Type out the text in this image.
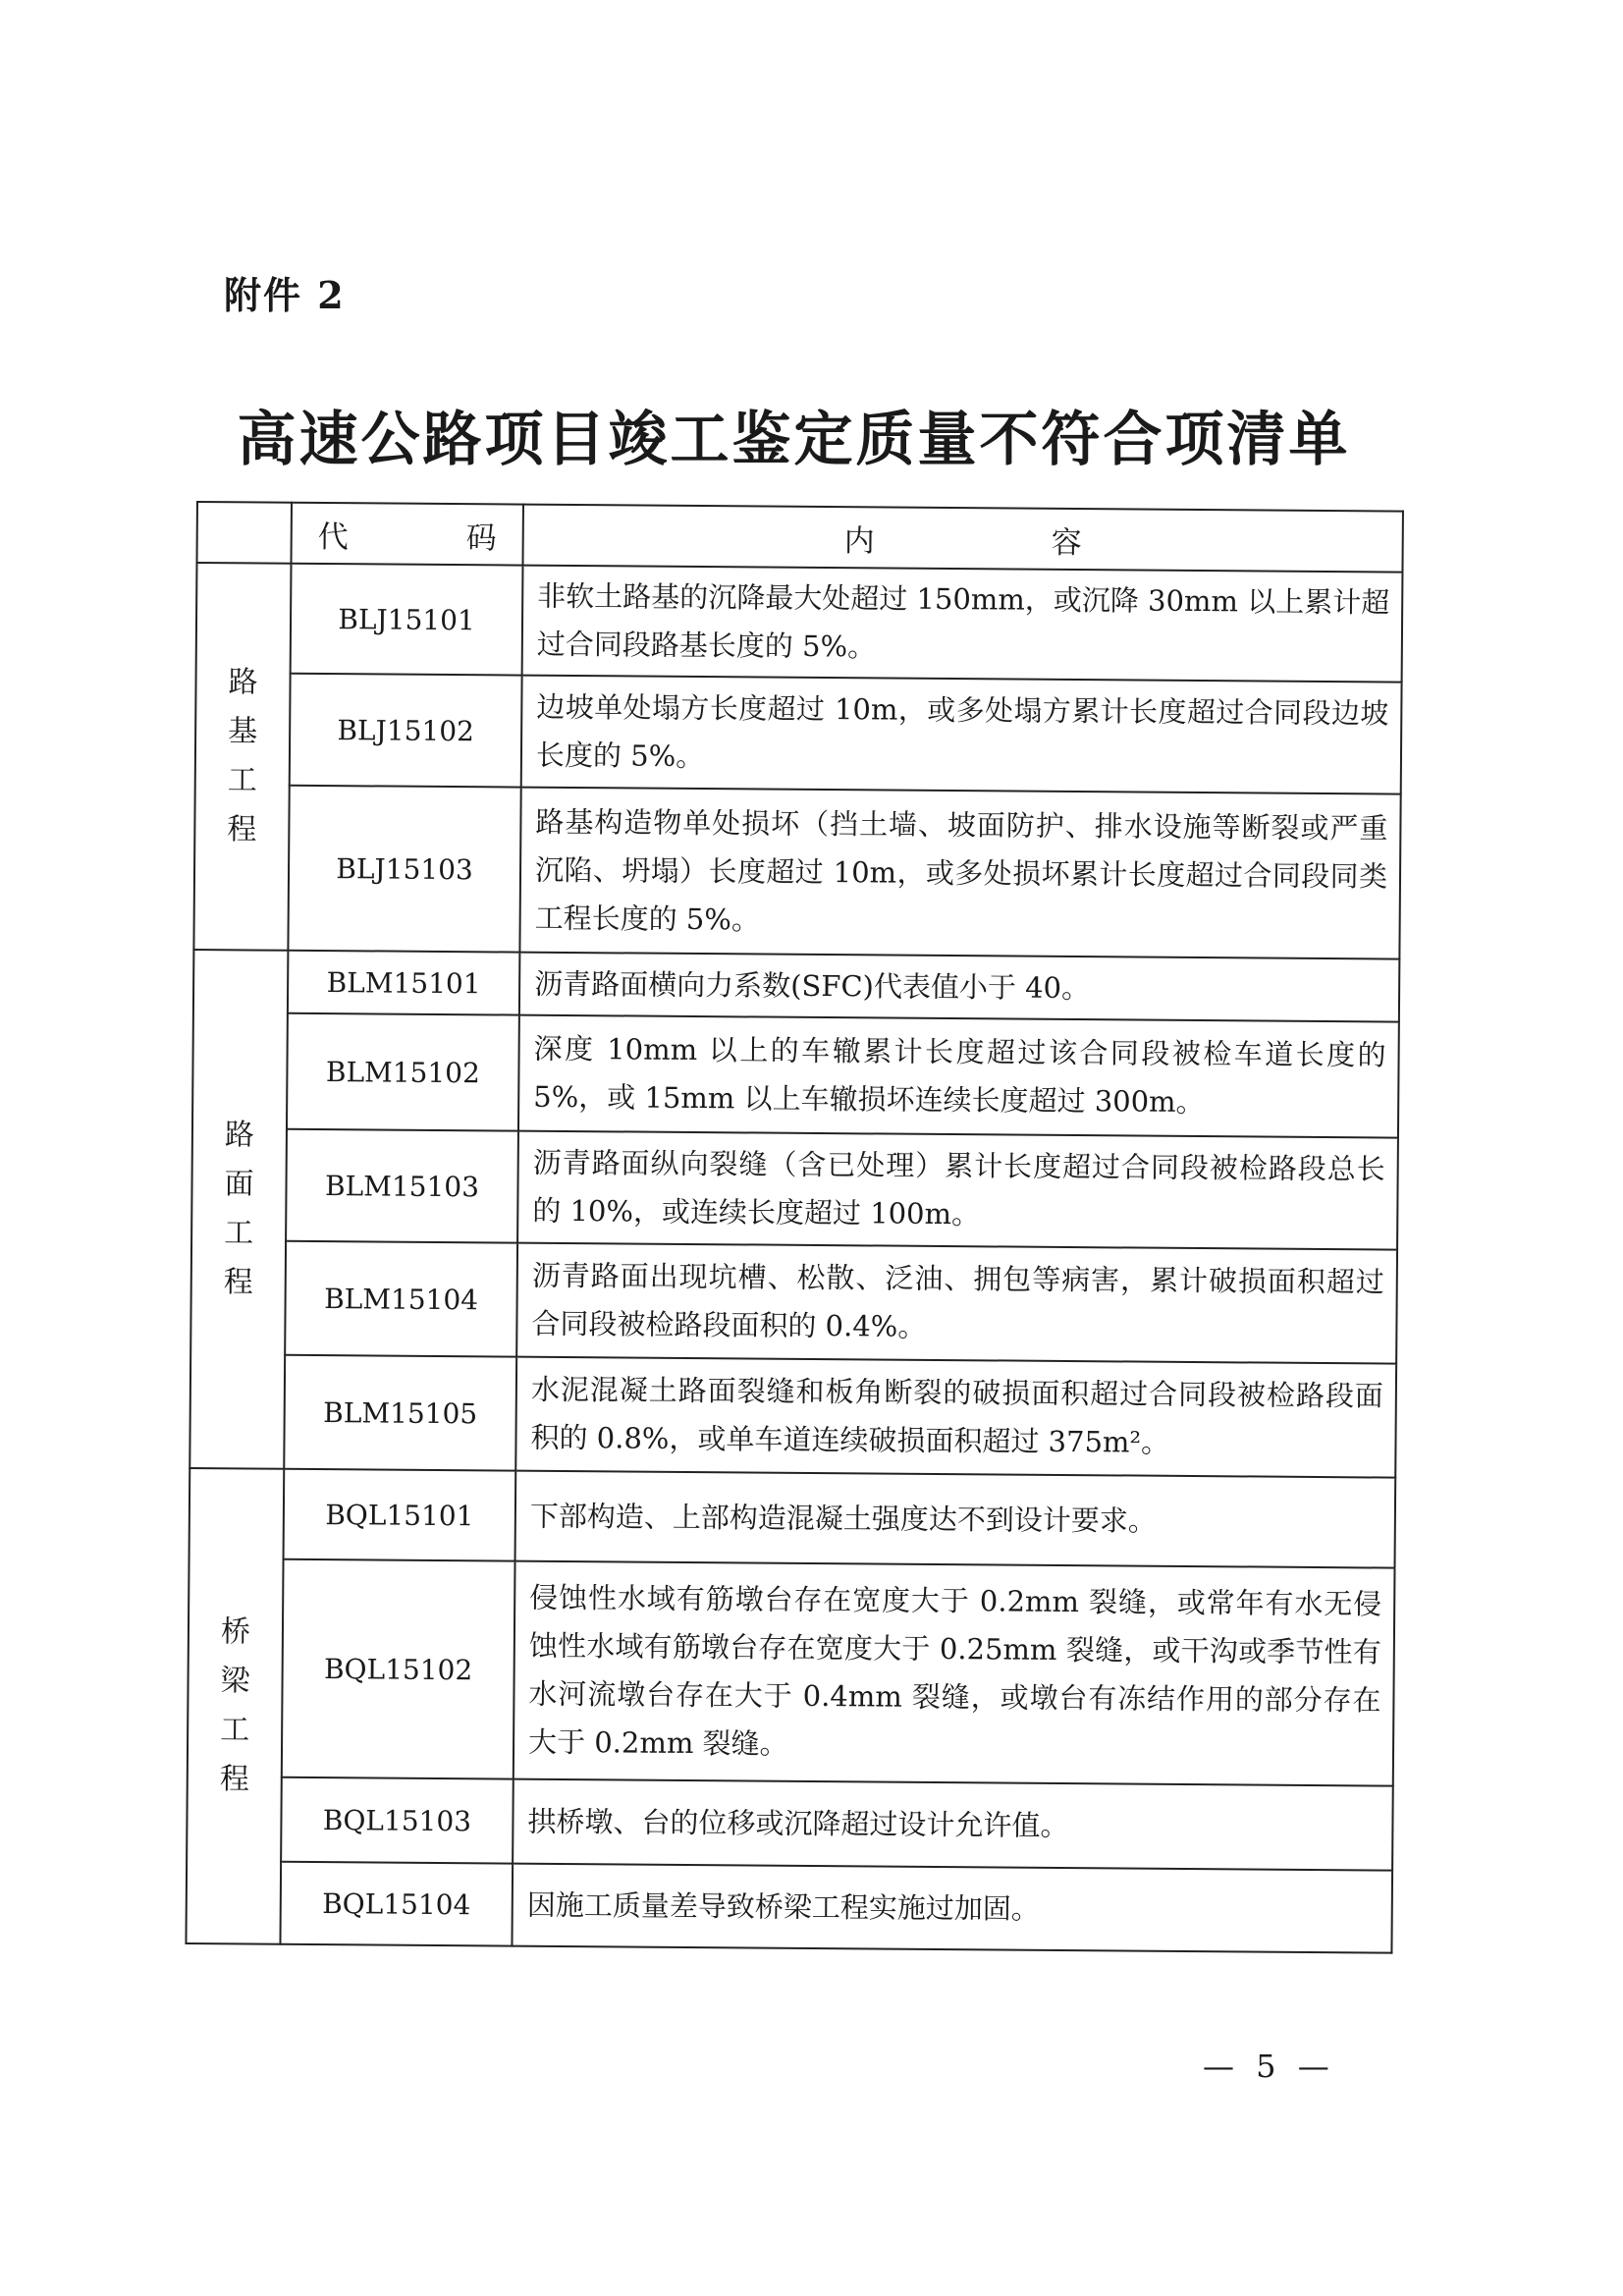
附件 2
高速公路项目竣工鉴定质量不符合项清单

	代 码	内 容

路
基
工
程	BLJ15101	非软土路基的沉降最大处超过 150mm，或沉降 30mm 以上累计超过合同段路基长度的 5%。
	BLJ15102	边坡单处塌方长度超过 10m，或多处塌方累计长度超过合同段边坡长度的 5%。
	BLJ15103	路基构造物单处损坏（挡土墙、坡面防护、排水设施等断裂或严重沉陷、坍塌）长度超过 10m，或多处损坏累计长度超过合同段同类工程长度的 5%。

路
面
工
程	BLM15101	沥青路面横向力系数(SFC)代表值小于 40。
	BLM15102	深度 10mm 以上的车辙累计长度超过该合同段被检车道长度的 5%，或 15mm 以上车辙损坏连续长度超过 300m。
	BLM15103	沥青路面纵向裂缝（含已处理）累计长度超过合同段被检路段总长的 10%，或连续长度超过 100m。
	BLM15104	沥青路面出现坑槽、松散、泛油、拥包等病害，累计破损面积超过合同段被检路段面积的 0.4%。
	BLM15105	水泥混凝土路面裂缝和板角断裂的破损面积超过合同段被检路段面积的 0.8%，或单车道连续破损面积超过 375m²。

桥
梁
工
程	BQL15101	下部构造、上部构造混凝土强度达不到设计要求。
	BQL15102	侵蚀性水域有筋墩台存在宽度大于 0.2mm 裂缝，或常年有水无侵蚀性水域有筋墩台存在宽度大于 0.25mm 裂缝，或干沟或季节性有水河流墩台存在大于 0.4mm 裂缝，或墩台有冻结作用的部分存在大于 0.2mm 裂缝。
	BQL15103	拱桥墩、台的位移或沉降超过设计允许值。
	BQL15104	因施工质量差导致桥梁工程实施过加固。
— 5 —
